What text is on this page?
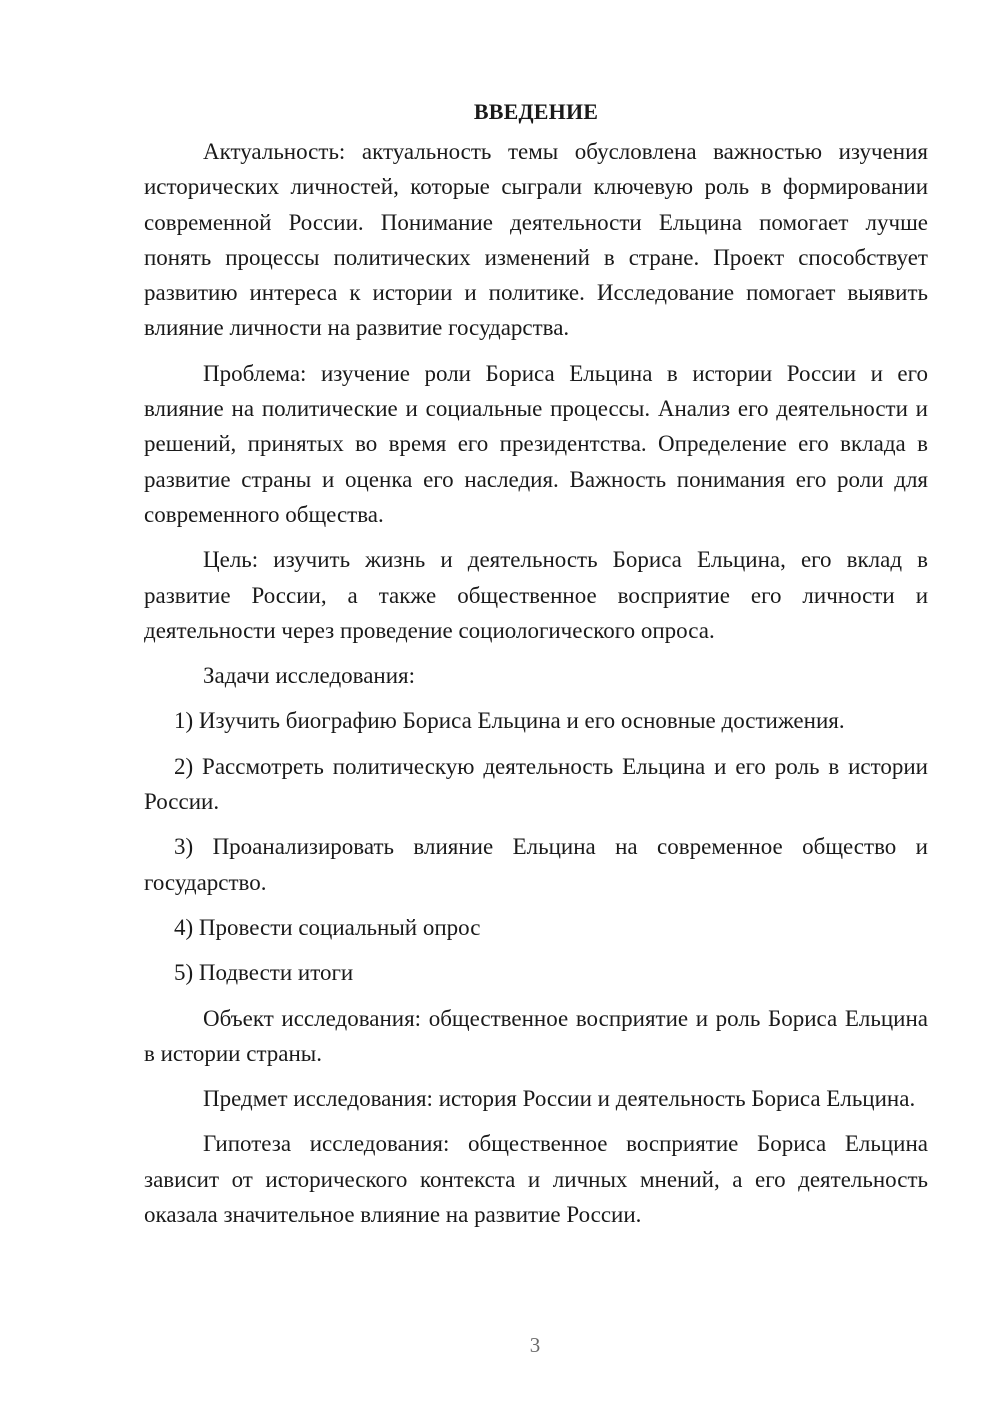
ВВЕДЕНИЕ

Актуальность: актуальность темы обусловлена важностью изучения исторических личностей, которые сыграли ключевую роль в формировании современной России. Понимание деятельности Ельцина помогает лучше понять процессы политических изменений в стране. Проект способствует развитию интереса к истории и политике. Исследование помогает выявить влияние личности на развитие государства.

Проблема: изучение роли Бориса Ельцина в истории России и его влияние на политические и социальные процессы. Анализ его деятельности и решений, принятых во время его президентства. Определение его вклада в развитие страны и оценка его наследия. Важность понимания его роли для современного общества.

Цель: изучить жизнь и деятельность Бориса Ельцина, его вклад в развитие России, а также общественное восприятие его личности и деятельности через проведение социологического опроса.

Задачи исследования:

1) Изучить биографию Бориса Ельцина и его основные достижения.

2) Рассмотреть политическую деятельность Ельцина и его роль в истории России.

3) Проанализировать влияние Ельцина на современное общество и государство.

4) Провести социальный опрос

5) Подвести итоги

Объект исследования: общественное восприятие и роль Бориса Ельцина в истории страны.

Предмет исследования: история России и деятельность Бориса Ельцина.

Гипотеза исследования: общественное восприятие Бориса Ельцина зависит от исторического контекста и личных мнений, а его деятельность оказала значительное влияние на развитие России.

3
